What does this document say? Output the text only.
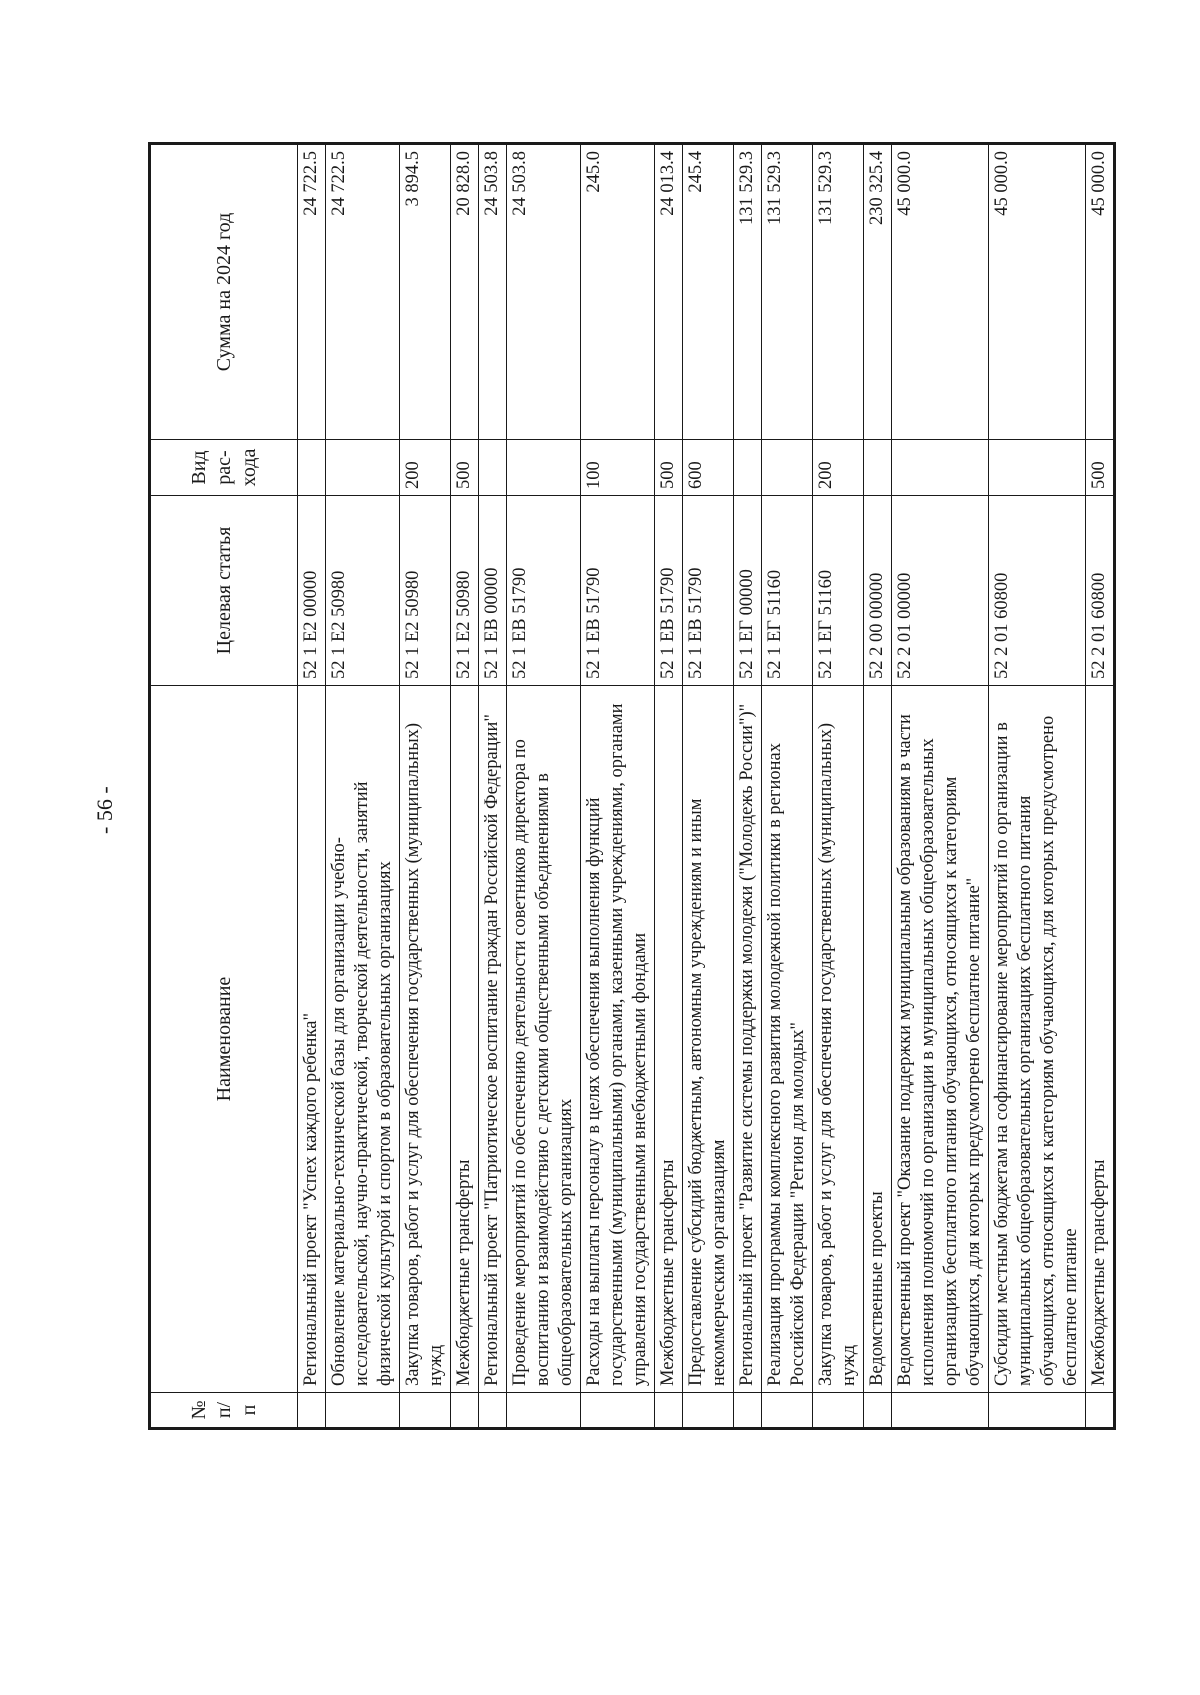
- 56 -
№ п/п	Наименование	Целевая статья	Вид рас-хода	Сумма на 2024 год
	Региональный проект "Успех каждого ребенка"	52 1 E2 00000		24 722.5
	Обновление материально-технической базы для организации учебно-исследовательской, научно-практической, творческой деятельности, занятий физической культурой и спортом в образовательных организациях	52 1 E2 50980		24 722.5
	Закупка товаров, работ и услуг для обеспечения государственных (муниципальных) нужд	52 1 E2 50980	200	3 894.5
	Межбюджетные трансферты	52 1 E2 50980	500	20 828.0
	Региональный проект "Патриотическое воспитание граждан Российской Федерации"	52 1 EB 00000		24 503.8
	Проведение мероприятий по обеспечению деятельности советников директора по воспитанию и взаимодействию с детскими общественными объединениями в общеобразовательных организациях	52 1 EB 51790		24 503.8
	Расходы на выплаты персоналу в целях обеспечения выполнения функций государственными (муниципальными) органами, казенными учреждениями, органами управления государственными внебюджетными фондами	52 1 EB 51790	100	245.0
	Межбюджетные трансферты	52 1 EB 51790	500	24 013.4
	Предоставление субсидий бюджетным, автономным учреждениям и иным некоммерческим организациям	52 1 EB 51790	600	245.4
	Региональный проект "Развитие системы поддержки молодежи ("Молодежь России")"	52 1 EГ 00000		131 529.3
	Реализация программы комплексного развития молодежной политики в регионах Российской Федерации "Регион для молодых"	52 1 EГ 51160		131 529.3
	Закупка товаров, работ и услуг для обеспечения государственных (муниципальных) нужд	52 1 EГ 51160	200	131 529.3
	Ведомственные проекты	52 2 00 00000		230 325.4
	Ведомственный проект "Оказание поддержки муниципальным образованиям в части исполнения полномочий по организации в муниципальных общеобразовательных организациях бесплатного питания обучающихся, относящихся к категориям обучающихся, для которых предусмотрено бесплатное питание"	52 2 01 00000		45 000.0
	Субсидии местным бюджетам на софинансирование мероприятий по организации в муниципальных общеобразовательных организациях бесплатного питания обучающихся, относящихся к категориям обучающихся, для которых предусмотрено бесплатное питание	52 2 01 60800		45 000.0
	Межбюджетные трансферты	52 2 01 60800	500	45 000.0
